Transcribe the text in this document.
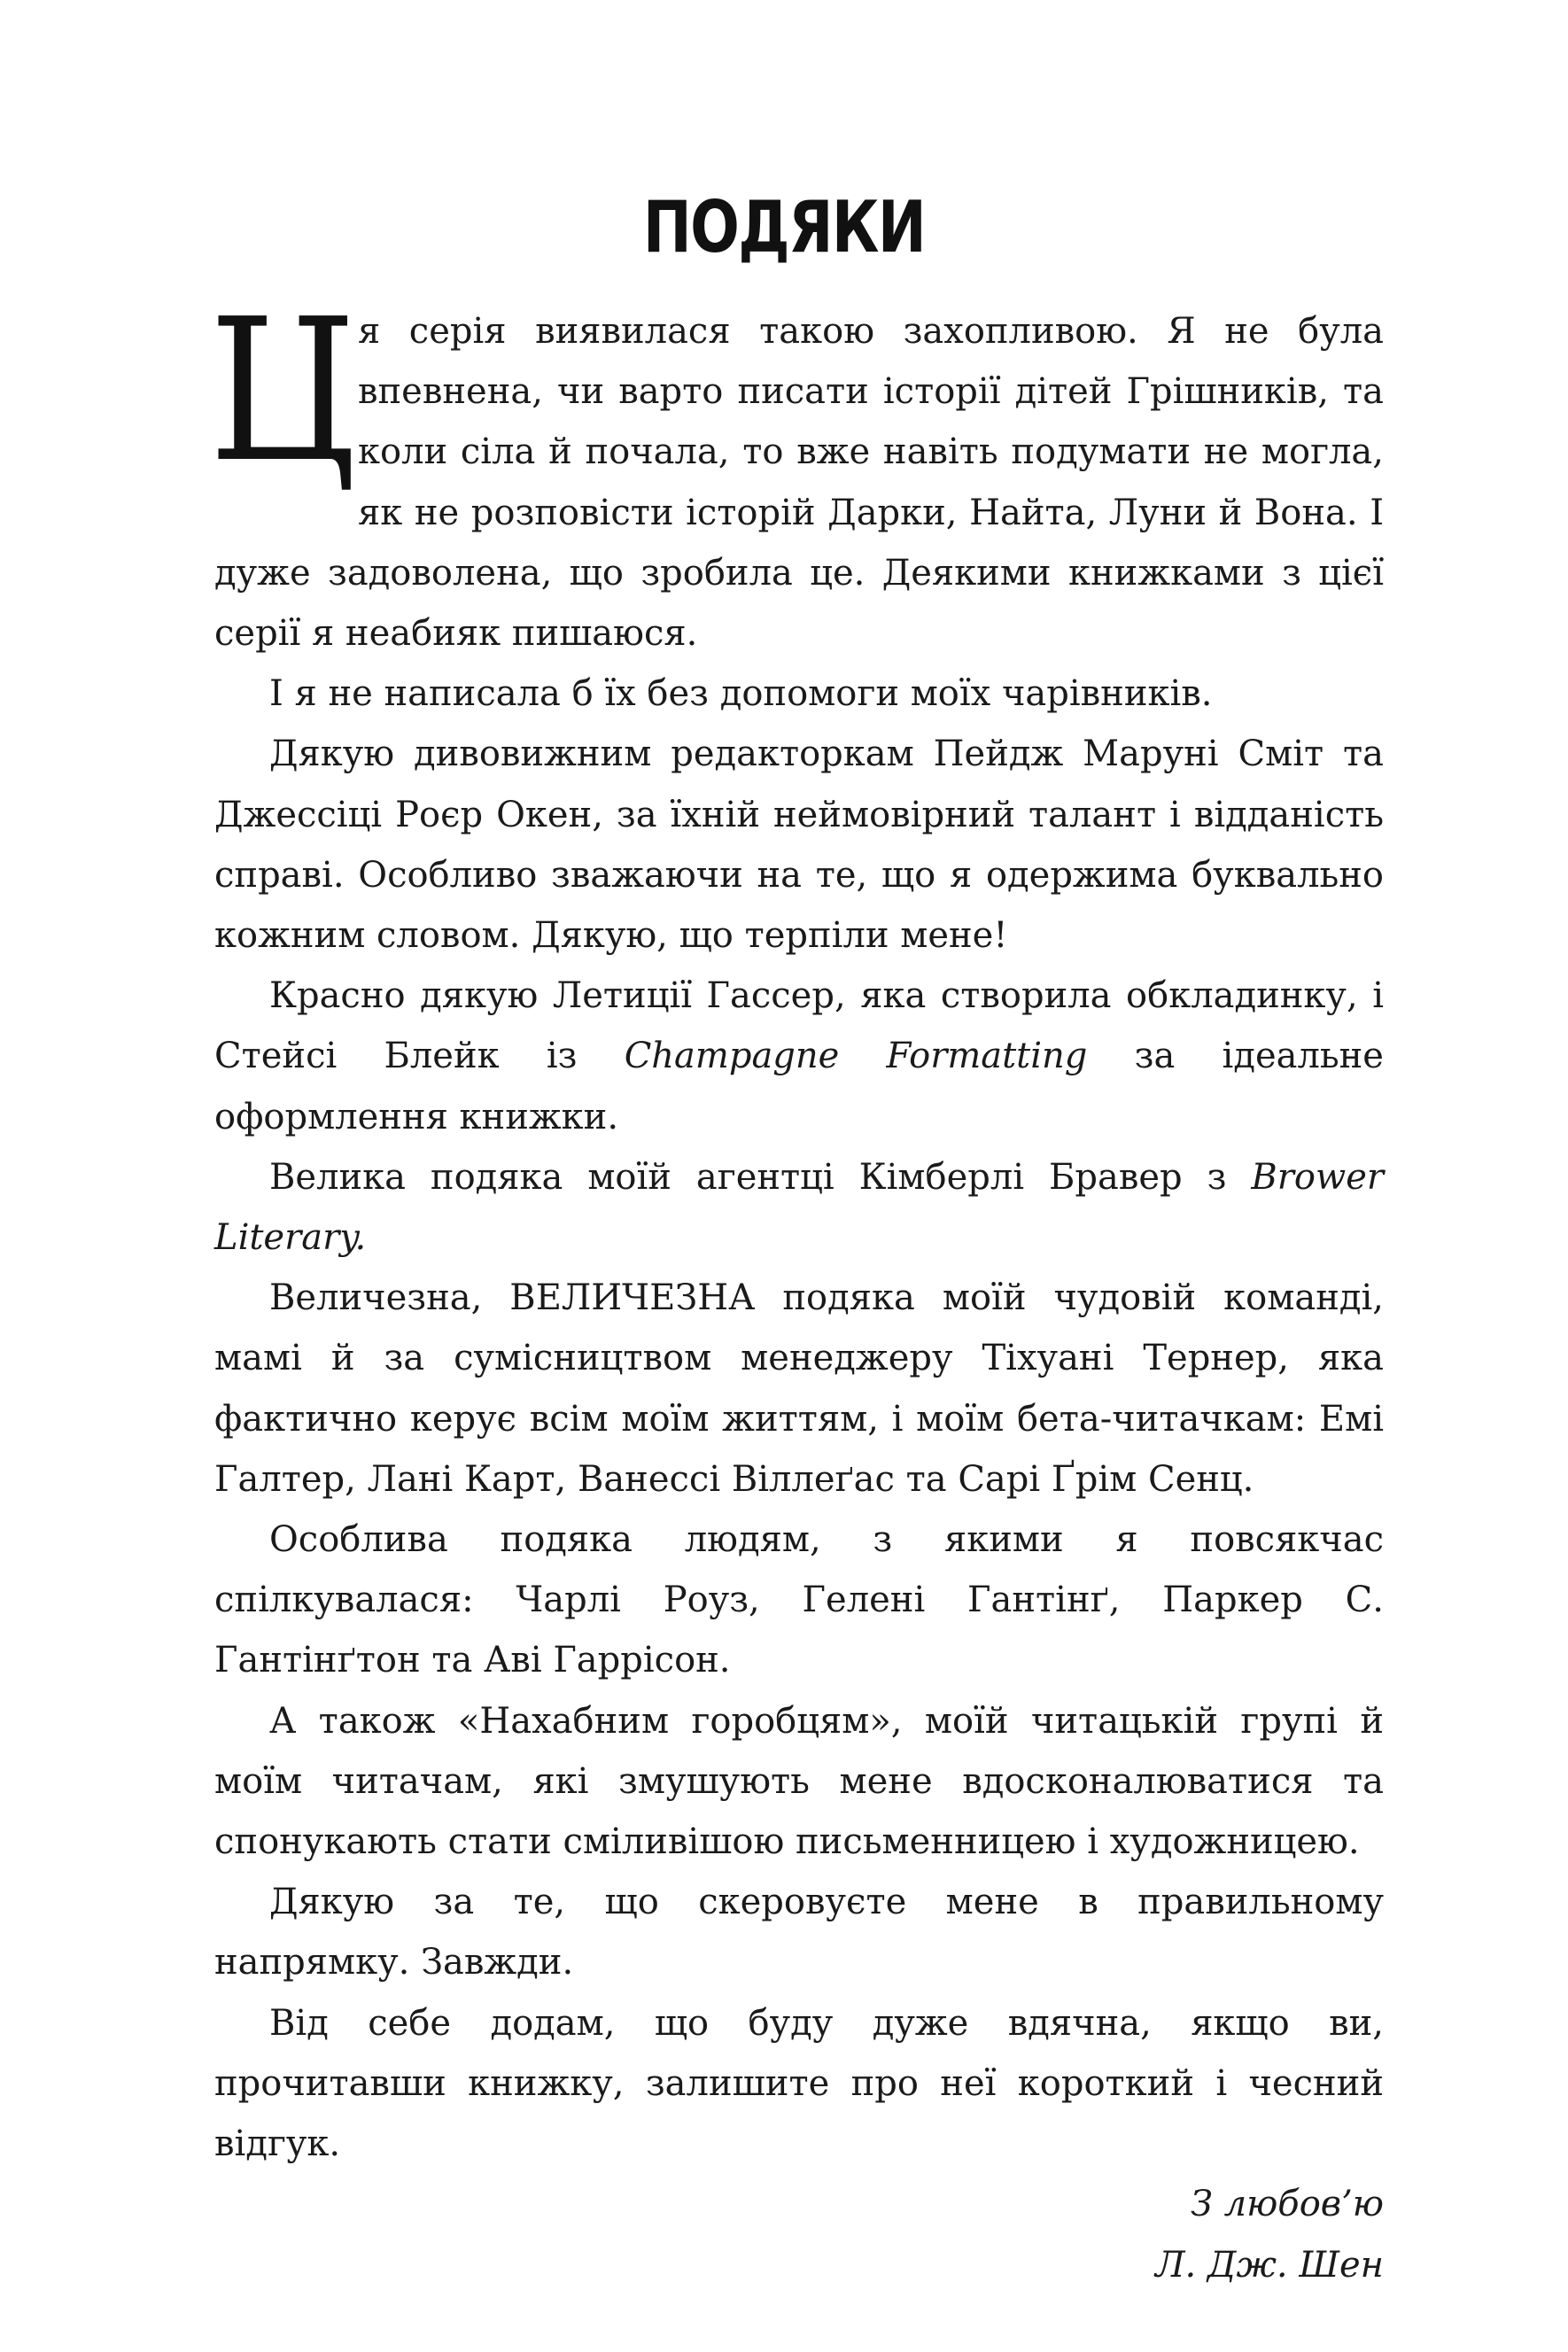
ПОДЯКИ

Ця серія виявилася такою захопливою. Я не була впевнена, чи варто писати історії дітей Грішників, та коли сіла й почала, то вже навіть подумати не могла, як не розповісти історій Дарки, Найта, Луни й Вона. І дуже задоволена, що зробила це. Деякими книжками з цієї серії я неабияк пишаюся.

І я не написала б їх без допомоги моїх чарівників.

Дякую дивовижним редакторкам Пейдж Маруні Сміт та Джессіці Роєр Окен, за їхній неймовірний талант і відданість справі. Особливо зважаючи на те, що я одержима буквально кожним словом. Дякую, що терпіли мене!

Красно дякую Летиції Гассер, яка створила обкладинку, і Стейсі Блейк із Champagne Formatting за ідеальне оформлення книжки.

Велика подяка моїй агентці Кімберлі Бравер з Brower Literary.

Величезна, ВЕЛИЧЕЗНА подяка моїй чудовій команді, мамі й за сумісництвом менеджеру Тіхуані Тернер, яка фактично керує всім моїм життям, і моїм бета-читачкам: Емі Галтер, Лані Карт, Ванессі Віллеґас та Сарі Ґрім Сенц.

Особлива подяка людям, з якими я повсякчас спілкувалася: Чарлі Роуз, Гелені Гантінґ, Паркер С. Гантінґтон та Аві Гаррісон.

А також «Нахабним горобцям», моїй читацькій групі й моїм читачам, які змушують мене вдосконалюватися та спонукають стати сміливішою письменницею і художницею.

Дякую за те, що скеровуєте мене в правильному напрямку. Завжди.

Від себе додам, що буду дуже вдячна, якщо ви, прочитавши книжку, залишите про неї короткий і чесний відгук.

З любов’ю

Л. Дж. Шен
